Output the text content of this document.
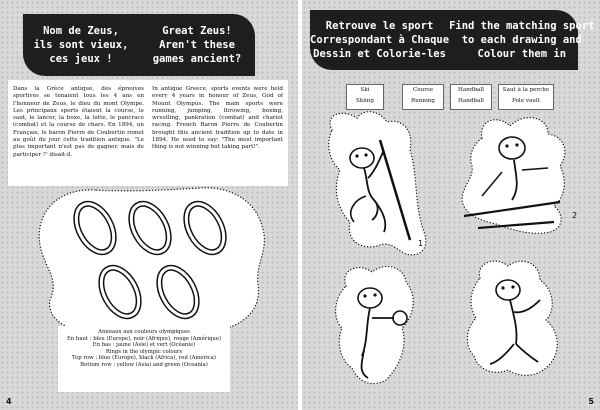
Nom de Zeus,
ils sont vieux,
ces jeux !
Great Zeus!
Aren't these
games ancient?

Dans la Grèce antique, des épreuves sportives se tenaient tous les 4 ans en l'honneur de Zeus, le dieu du mont Olympe. Les principaux sports étaient la course, le saut, le lancer, la boxe, la lutte, le pancrace (combat) et la course de chars. En 1894, un Français, le baron Pierre de Coubertin remet au goût du jour cette tradition antique. "Le plus important n'est pas de gagner, mais de participer !" disait-il.

In antique Greece, sports events were held every 4 years in honour of Zeus, God of Mount Olympus. The main sports were running, jumping, throwing, boxing, wrestling, pankration (combat) and chariot racing. French Baron Pierre de Coubertin brought this ancient tradition up to date in 1894. He used to say: "The most important thing is not winning but taking part!".

Anneaux aux couleurs olympiques
En haut : bleu (Europe), noir (Afrique), rouge (Amérique)
En bas : jaune (Asie) et vert (Océanie)
Rings in the olympic colours
Top row : blue (Europe), black (Africa), red (America)
Bottom row : yellow (Asia) and green (Oceania)
4
Retrouve le sport
Correspondant à Chaque
Dessin et Colorie-les
Find the matching sport
to each drawing and
Colour them in
Ski
Skiing
Course
Running
Handball
Handball
Saut à la perche
Pole vault
1
2
5
